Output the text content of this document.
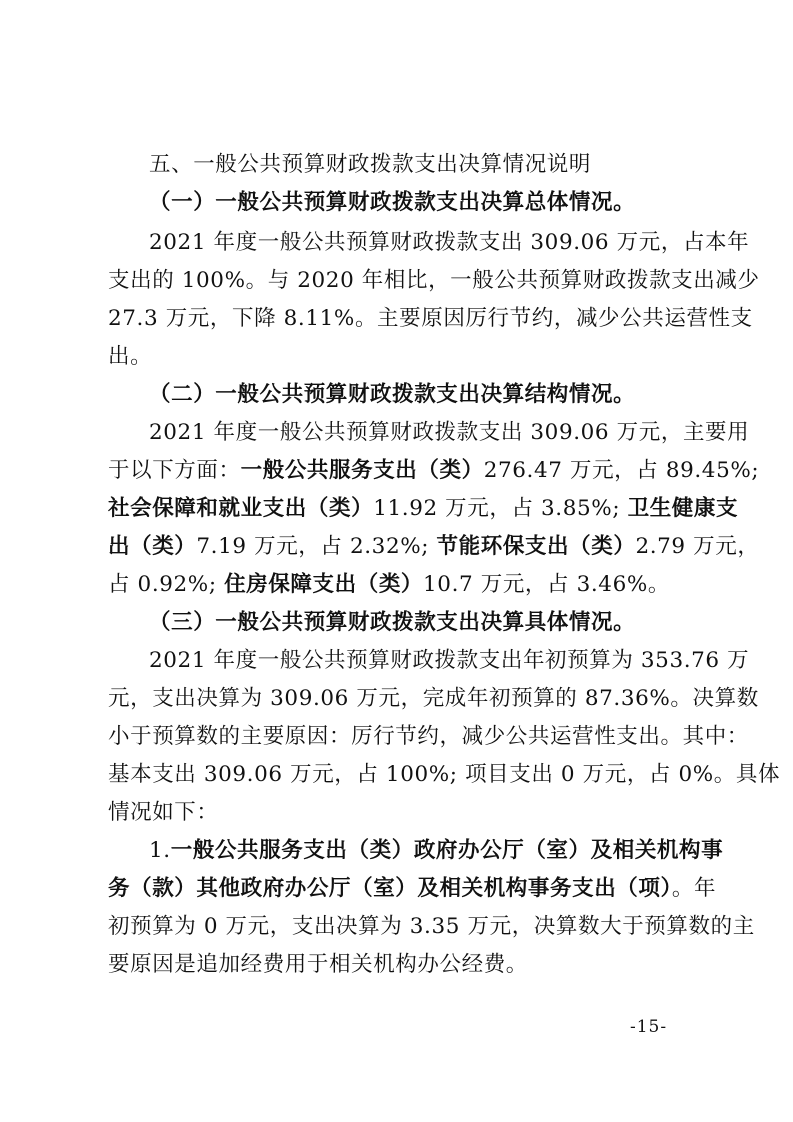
五、一般公共预算财政拨款支出决算情况说明
（一）一般公共预算财政拨款支出决算总体情况。
2021 年度一般公共预算财政拨款支出 309.06 万元，占本年
支出的 100%。与 2020 年相比，一般公共预算财政拨款支出减少
27.3 万元，下降 8.11%。主要原因厉行节约，减少公共运营性支
出。
（二）一般公共预算财政拨款支出决算结构情况。
2021 年度一般公共预算财政拨款支出 309.06 万元，主要用
于以下方面：一般公共服务支出（类）276.47 万元，占 89.45%;
社会保障和就业支出（类）11.92 万元，占 3.85%; 卫生健康支
出（类）7.19 万元，占 2.32%; 节能环保支出（类）2.79 万元，
占 0.92%; 住房保障支出（类）10.7 万元，占 3.46%。
（三）一般公共预算财政拨款支出决算具体情况。
2021 年度一般公共预算财政拨款支出年初预算为 353.76 万
元，支出决算为 309.06 万元，完成年初预算的 87.36%。决算数
小于预算数的主要原因：厉行节约，减少公共运营性支出。其中：
基本支出 309.06 万元，占 100%; 项目支出 0 万元，占 0%。具体
情况如下：
1.一般公共服务支出（类）政府办公厅（室）及相关机构事
务（款）其他政府办公厅（室）及相关机构事务支出（项）。年
初预算为 0 万元，支出决算为 3.35 万元，决算数大于预算数的主
要原因是追加经费用于相关机构办公经费。
-15-
